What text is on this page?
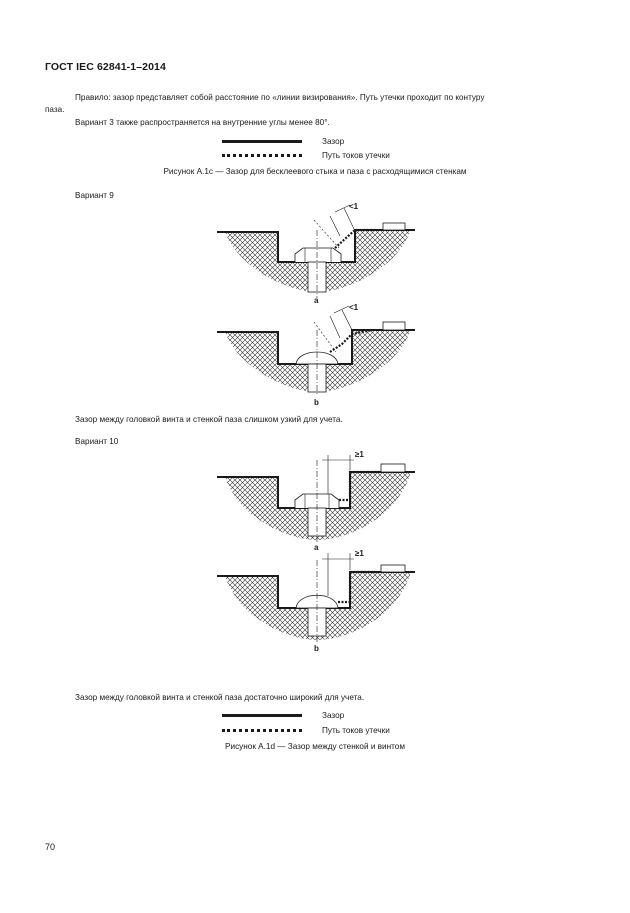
ГОСТ IEC 62841-1–2014
Правило: зазор представляет собой расстояние по «линии визирования». Путь утечки проходит по контуру
паза.
Вариант 3 также распространяется на внутренние углы менее 80°.
Зазор
Путь токов утечки
Рисунок А.1с — Зазор для бесклеевого стыка и паза с расходящимися стенкам
Вариант 9
<1
a
<1
b
Зазор между головкой винта и стенкой паза слишком узкий для учета.
Вариант 10
≥1
a
≥1
b
Зазор между головкой винта и стенкой паза достаточно широкий для учета.
Зазор
Путь токов утечки
Рисунок А.1d — Зазор между стенкой и винтом
70
